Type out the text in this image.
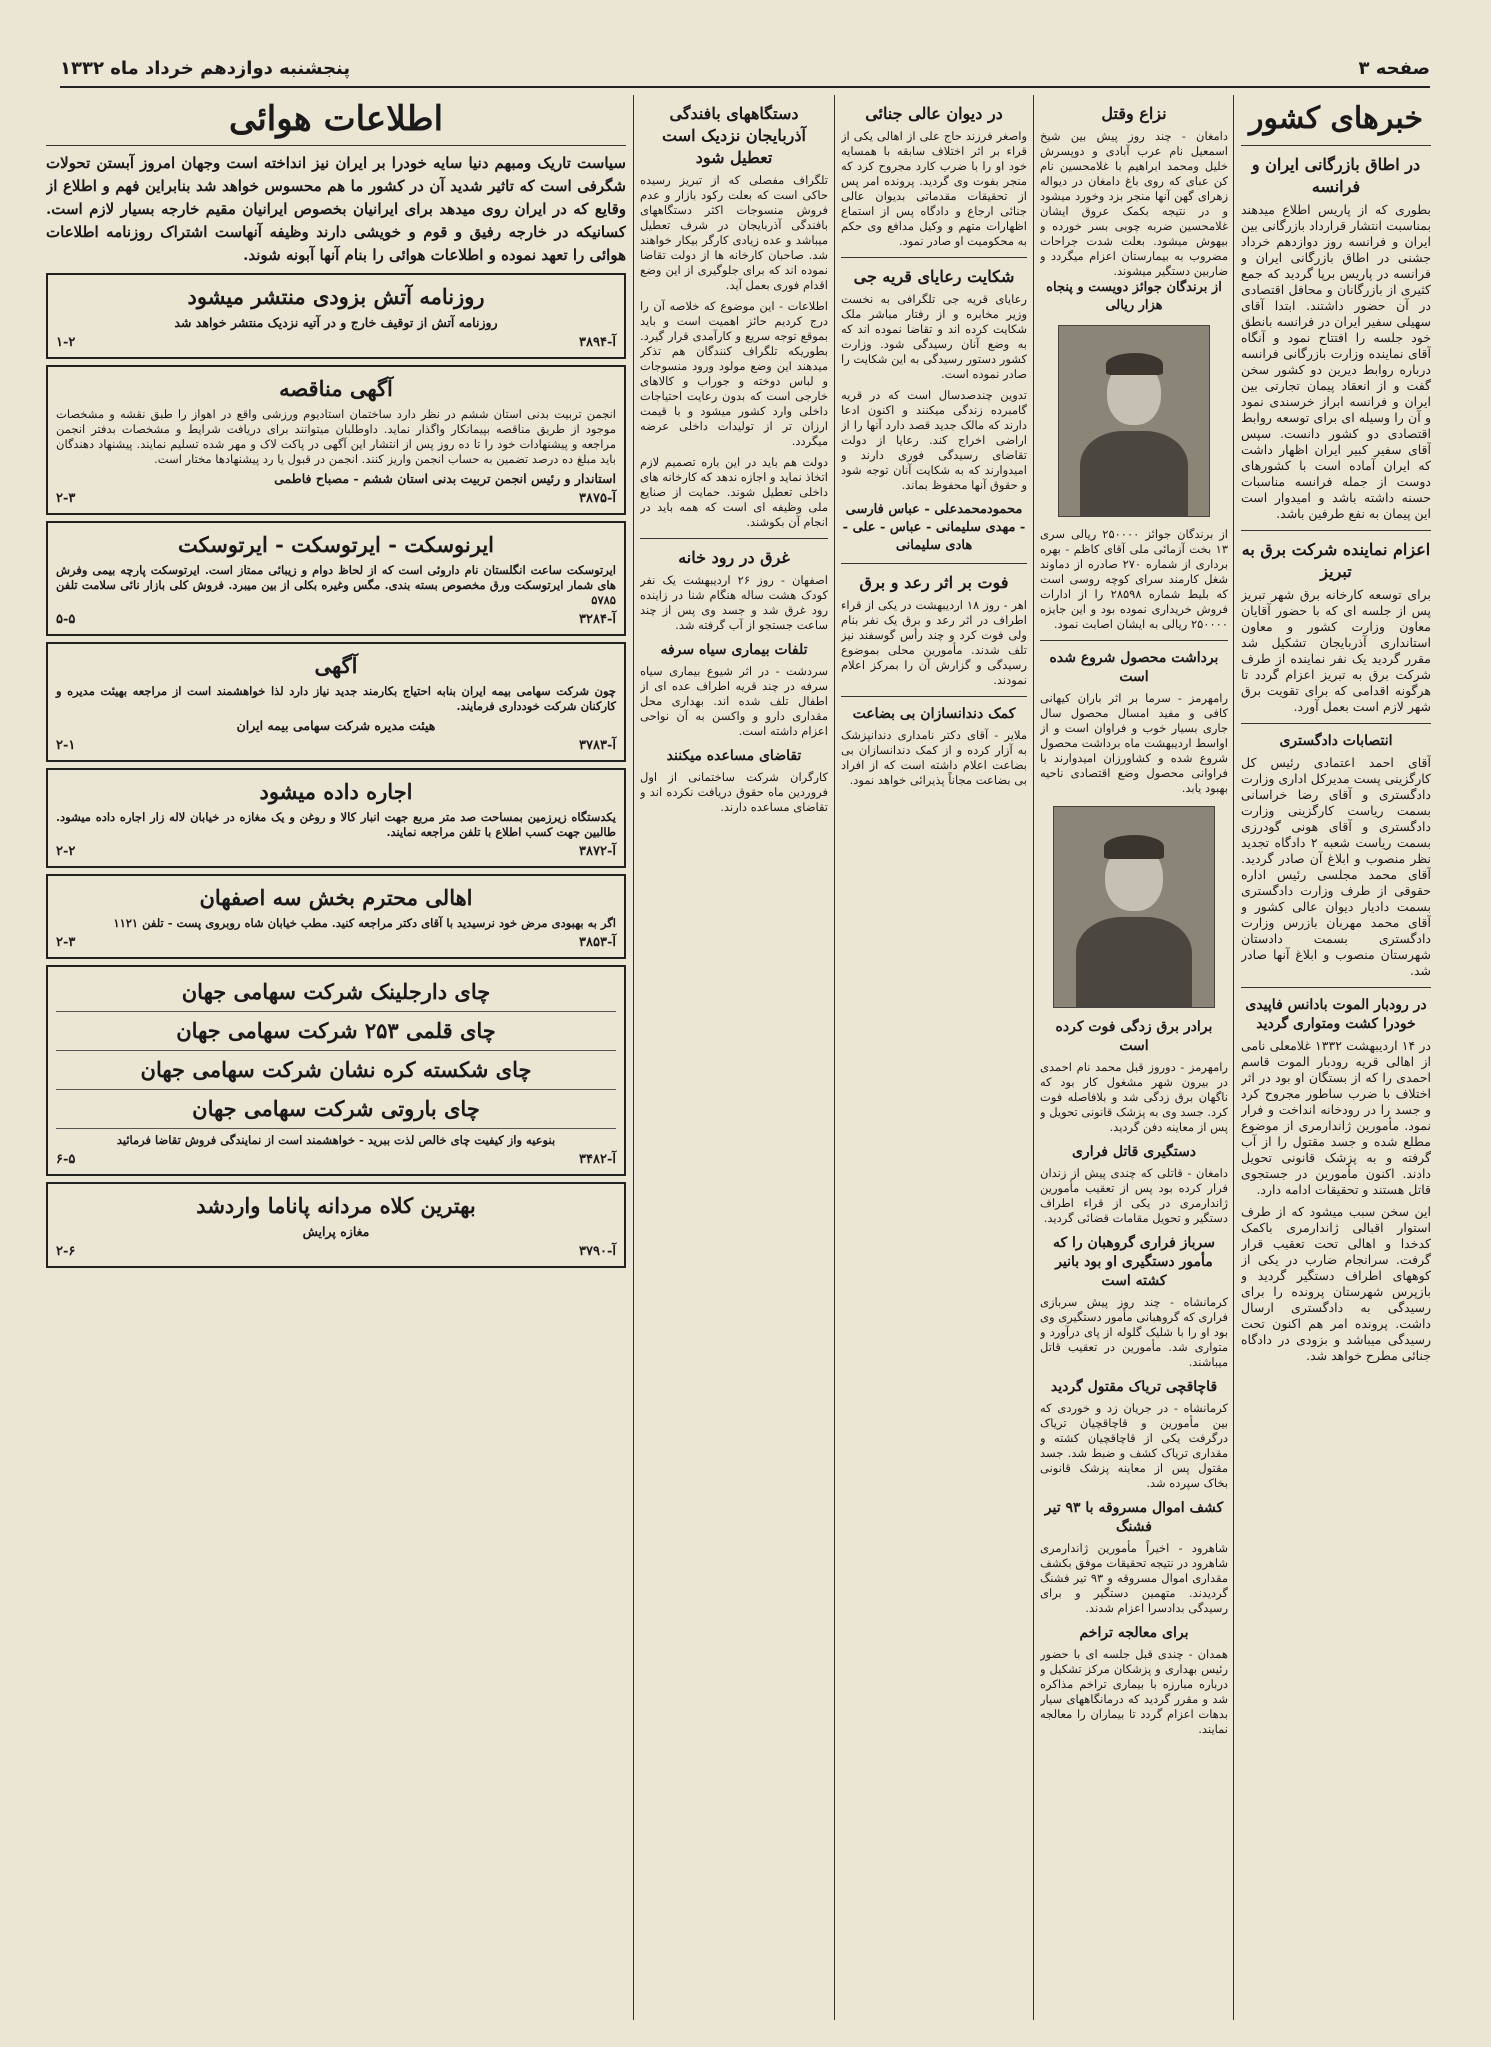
صفحه ۳
پنجشنبه دوازدهم خرداد ماه ۱۳۳۲
خبرهای کشور
در اطاق بازرگانی ایران و فرانسه
بطوری که از پاریس اطلاع میدهند بمناسبت انتشار قرارداد بازرگانی بین ایران و فرانسه روز دوازدهم خرداد جشنی در اطاق بازرگانی ایران و فرانسه در پاریس برپا گردید که جمع کثیری از بازرگانان و محافل اقتصادی در آن حضور داشتند. ابتدا آقای سهیلی سفیر ایران در فرانسه بانطق خود جلسه را افتتاح نمود و آنگاه آقای نماینده وزارت بازرگانی فرانسه درباره روابط دیرین دو کشور سخن گفت و از انعقاد پیمان تجارتی بین ایران و فرانسه ابراز خرسندی نمود و آن را وسیله ای برای توسعه روابط اقتصادی دو کشور دانست. سپس آقای سفیر کبیر ایران اظهار داشت که ایران آماده است با کشورهای دوست از جمله فرانسه مناسبات حسنه داشته باشد و امیدوار است این پیمان به نفع طرفین باشد.
اعزام نماینده شرکت برق به تبریز
برای توسعه کارخانه برق شهر تبریز پس از جلسه ای که با حضور آقایان معاون وزارت کشور و معاون استانداری آذربایجان تشکیل شد مقرر گردید یک نفر نماینده از طرف شرکت برق به تبریز اعزام گردد تا هرگونه اقدامی که برای تقویت برق شهر لازم است بعمل آورد.
انتصابات دادگستری
آقای احمد اعتمادی رئیس کل کارگزینی پست مدیرکل اداری وزارت دادگستری و آقای رضا خراسانی بسمت ریاست کارگزینی وزارت دادگستری و آقای هونی گودرزی بسمت ریاست شعبه ۲ دادگاه تجدید نظر منصوب و ابلاغ آن صادر گردید. آقای محمد مجلسی رئیس اداره حقوقی از طرف وزارت دادگستری بسمت دادیار دیوان عالی کشور و آقای محمد مهربان بازرس وزارت دادگستری بسمت دادستان شهرستان منصوب و ابلاغ آنها صادر شد.
در رودبار الموت بادانس فاپیدی خودرا کشت ومتواری گردید
در ۱۴ اردیبهشت ۱۳۳۲ غلامعلی نامی از اهالی قریه رودبار الموت قاسم احمدی را که از بستگان او بود در اثر اختلاف با ضرب ساطور مجروح کرد و جسد را در رودخانه انداخت و فرار نمود. مأمورین ژاندارمری از موضوع مطلع شده و جسد مقتول را از آب گرفته و به پزشک قانونی تحویل دادند. اکنون مأمورین در جستجوی قاتل هستند و تحقیقات ادامه دارد.
این سخن سبب میشود که از طرف استوار اقبالی ژاندارمری باکمک کدخدا و اهالی تحت تعقیب قرار گرفت. سرانجام ضارب در یکی از کوههای اطراف دستگیر گردید و بازپرس شهرستان پرونده را برای رسیدگی به دادگستری ارسال داشت. پرونده امر هم اکنون تحت رسیدگی میباشد و بزودی در دادگاه جنائی مطرح خواهد شد.
نزاع وقتل
دامغان - چند روز پیش بین شیخ اسمعیل نام عرب آبادی و دوپسرش خلیل ومحمد ابراهیم با غلامحسین نام کن عبای که روی باغ دامغان در دیواله زهرای گهن آنها منجر بزد وخورد میشود و در نتیجه بکمک عروق ایشان غلامحسین ضربه چوبی بسر خورده و بیهوش میشود. بعلت شدت جراحات مضروب به بیمارستان اعزام میگردد و ضاربین دستگیر میشوند.
از برندگان جوائز دویست و پنجاه هزار ریالی
از برندگان جوائز ۲۵۰۰۰۰ ریالی سری ۱۳ بخت آزمائی ملی آقای کاظم - بهره برداری از شماره ۲۷۰ صادره از دماوند شغل کارمند سرای کوچه روسی است که بلیط شماره ۲۸۵۹۸ را از ادارات فروش خریداری نموده بود و این جایزه ۲۵۰۰۰۰ ریالی به ایشان اصابت نمود.
برداشت محصول شروع شده است
رامهرمز - سرما بر اثر باران کیهانی کافی و مفید امسال محصول سال جاری بسیار خوب و فراوان است و از اواسط اردیبهشت ماه برداشت محصول شروع شده و کشاورزان امیدوارند با فراوانی محصول وضع اقتصادی ناحیه بهبود یابد.
برادر برق زدگی فوت کرده است
رامهرمز - دوروز قبل محمد نام احمدی در بیرون شهر مشغول کار بود که ناگهان برق زدگی شد و بلافاصله فوت کرد. جسد وی به پزشک قانونی تحویل و پس از معاینه دفن گردید.
دستگیری قاتل فراری
دامغان - قاتلی که چندی پیش از زندان فرار کرده بود پس از تعقیب مأمورین ژاندارمری در یکی از قراء اطراف دستگیر و تحویل مقامات قضائی گردید.
سرباز فراری گروهبان را که مأمور دستگیری او بود بانیر کشته است
کرمانشاه - چند روز پیش سربازی فراری که گروهبانی مأمور دستگیری وی بود او را با شلیک گلوله از پای درآورد و متواری شد. مأمورین در تعقیب قاتل میباشند.
قاچاقچی تریاک مقتول گردید
کرمانشاه - در جریان زد و خوردی که بین مأمورین و قاچاقچیان تریاک درگرفت یکی از قاچاقچیان کشته و مقداری تریاک کشف و ضبط شد. جسد مقتول پس از معاینه پزشک قانونی بخاک سپرده شد.
کشف اموال مسروقه با ۹۳ تیر فشنگ
شاهرود - اخیراً مأمورین ژاندارمری شاهرود در نتیجه تحقیقات موفق بکشف مقداری اموال مسروقه و ۹۳ تیر فشنگ گردیدند. متهمین دستگیر و برای رسیدگی بدادسرا اعزام شدند.
برای معالجه تراخم
همدان - چندی قبل جلسه ای با حضور رئیس بهداری و پزشکان مرکز تشکیل و درباره مبارزه با بیماری تراخم مذاکره شد و مقرر گردید که درمانگاههای سیار بدهات اعزام گردد تا بیماران را معالجه نمایند.
در دیوان عالی جنائی
واصغر فرزند حاج علی از اهالی یکی از قراء بر اثر اختلاف سابقه با همسایه خود او را با ضرب کارد مجروح کرد که منجر بفوت وی گردید. پرونده امر پس از تحقیقات مقدماتی بدیوان عالی جنائی ارجاع و دادگاه پس از استماع اظهارات متهم و وکیل مدافع وی حکم به محکومیت او صادر نمود.
شکایت رعایای قریه جی
رعایای قریه جی تلگرافی به نخست وزیر مخابره و از رفتار مباشر ملک شکایت کرده اند و تقاضا نموده اند که به وضع آنان رسیدگی شود. وزارت کشور دستور رسیدگی به این شکایت را صادر نموده است.
تدوین چندصدسال است که در قریه گامبرده زندگی میکنند و اکنون ادعا دارند که مالک جدید قصد دارد آنها را از اراضی اخراج کند. رعایا از دولت تقاضای رسیدگی فوری دارند و امیدوارند که به شکایت آنان توجه شود و حقوق آنها محفوظ بماند.
محمودمحمدعلی - عباس فارسی - مهدی سلیمانی - عباس - علی - هادی سلیمانی
فوت بر اثر رعد و برق
اهر - روز ۱۸ اردیبهشت در یکی از قراء اطراف در اثر رعد و برق یک نفر بنام ولی فوت کرد و چند رأس گوسفند نیز تلف شدند. مأمورین محلی بموضوع رسیدگی و گزارش آن را بمرکز اعلام نمودند.
کمک دندانسازان بی بضاعت
ملایر - آقای دکتر نامداری دندانپزشک به آزار کرده و از کمک دندانسازان بی بضاعت اعلام داشته است که از افراد بی بضاعت مجاناً پذیرائی خواهد نمود.
دستگاههای بافندگی آذربایجان نزدیک است تعطیل شود
تلگراف مفصلی که از تبریز رسیده حاکی است که بعلت رکود بازار و عدم فروش منسوجات اکثر دستگاههای بافندگی آذربایجان در شرف تعطیل میباشد و عده زیادی کارگر بیکار خواهند شد. صاحبان کارخانه ها از دولت تقاضا نموده اند که برای جلوگیری از این وضع اقدام فوری بعمل آید.
اطلاعات - این موضوع که خلاصه آن را درج کردیم حائز اهمیت است و باید بموقع توجه سریع و کارآمدی قرار گیرد. بطوریکه تلگراف کنندگان هم تذکر میدهند این وضع مولود ورود منسوجات و لباس دوخته و جوراب و کالاهای خارجی است که بدون رعایت احتیاجات داخلی وارد کشور میشود و با قیمت ارزان تر از تولیدات داخلی عرضه میگردد.
دولت هم باید در این باره تصمیم لازم اتخاذ نماید و اجازه ندهد که کارخانه های داخلی تعطیل شوند. حمایت از صنایع ملی وظیفه ای است که همه باید در انجام آن بکوشند.
غرق در رود خانه
اصفهان - روز ۲۶ اردیبهشت یک نفر کودک هشت ساله هنگام شنا در زاینده رود غرق شد و جسد وی پس از چند ساعت جستجو از آب گرفته شد.
تلفات بیماری سیاه سرفه
سردشت - در اثر شیوع بیماری سیاه سرفه در چند قریه اطراف عده ای از اطفال تلف شده اند. بهداری محل مقداری دارو و واکسن به آن نواحی اعزام داشته است.
تقاضای مساعده میکنند
کارگران شرکت ساختمانی از اول فروردین ماه حقوق دریافت نکرده اند و تقاضای مساعده دارند.
اطلاعات هوائی
سیاست تاریک ومبهم دنیا سایه خودرا بر ایران نیز انداخته است وجهان امروز آبستن تحولات شگرفی است که تاثیر شدید آن در کشور ما هم محسوس خواهد شد بنابراین فهم و اطلاع از وقایع که در ایران روی میدهد برای ایرانیان بخصوص ایرانیان مقیم خارجه بسیار لازم است. کسانیکه در خارجه رفیق و قوم و خویشی دارند وظیفه آنهاست اشتراک روزنامه اطلاعات هوائی را تعهد نموده و اطلاعات هوائی را بنام آنها آبونه شوند.
روزنامه آتش بزودی منتشر میشود
روزنامه آتش از توقیف خارج و در آتیه نزدیک منتشر خواهد شد
آ-۳۸۹۴
۱-۲
آگهی مناقصه
انجمن تربیت بدنی استان ششم در نظر دارد ساختمان استادیوم ورزشی واقع در اهواز را طبق نقشه و مشخصات موجود از طریق مناقصه بپیمانکار واگذار نماید. داوطلبان میتوانند برای دریافت شرایط و مشخصات بدفتر انجمن مراجعه و پیشنهادات خود را تا ده روز پس از انتشار این آگهی در پاکت لاک و مهر شده تسلیم نمایند. پیشنهاد دهندگان باید مبلغ ده درصد تضمین به حساب انجمن واریز کنند. انجمن در قبول یا رد پیشنهادها مختار است.
استاندار و رئیس انجمن تربیت بدنی استان ششم - مصباح فاطمی
آ-۳۸۷۵
۲-۳
ایرنوسکت - ایرتوسکت - ایرتوسکت
ایرتوسکت ساعت انگلستان نام داروئی است که از لحاظ دوام و زیبائی ممتاز است. ایرتوسکت پارچه بیمی وفرش های شمار ایرتوسکت ورق مخصوص بسته بندی. مگس وغیره بکلی از بین میبرد. فروش کلی بازار نائی سلامت تلفن ۵۷۸۵
آ-۳۲۸۴
۵-۵
آگهی
چون شرکت سهامی بیمه ایران بنابه احتیاج بکارمند جدید نیاز دارد لذا خواهشمند است از مراجعه بهیئت مدیره و کارکنان شرکت خودداری فرمایند.
هیئت مدیره شرکت سهامی بیمه ایران
آ-۳۷۸۳
۲-۱
اجاره داده میشود
یکدستگاه زیرزمین بمساحت صد متر مربع جهت انبار کالا و روغن و یک مغازه در خیابان لاله زار اجاره داده میشود. طالبین جهت کسب اطلاع با تلفن مراجعه نمایند.
آ-۳۸۷۲
۲-۲
اهالی محترم بخش سه اصفهان
اگر به بهبودی مرض خود نرسیدید با آقای دکتر مراجعه کنید. مطب خیابان شاه روبروی پست - تلفن ۱۱۲۱
آ-۳۸۵۳
۲-۳
چای دارجلینک شرکت سهامی جهان
چای قلمی ۲۵۳ شرکت سهامی جهان
چای شکسته کره نشان شرکت سهامی جهان
چای باروتی شرکت سهامی جهان
بنوعیه واز کیفیت چای خالص لذت ببرید - خواهشمند است از نمایندگی فروش تقاضا فرمائید
آ-۳۴۸۲
۶-۵
بهترین کلاه مردانه پاناما واردشد
مغازه پرایش
آ-۳۷۹۰
۲-۶
